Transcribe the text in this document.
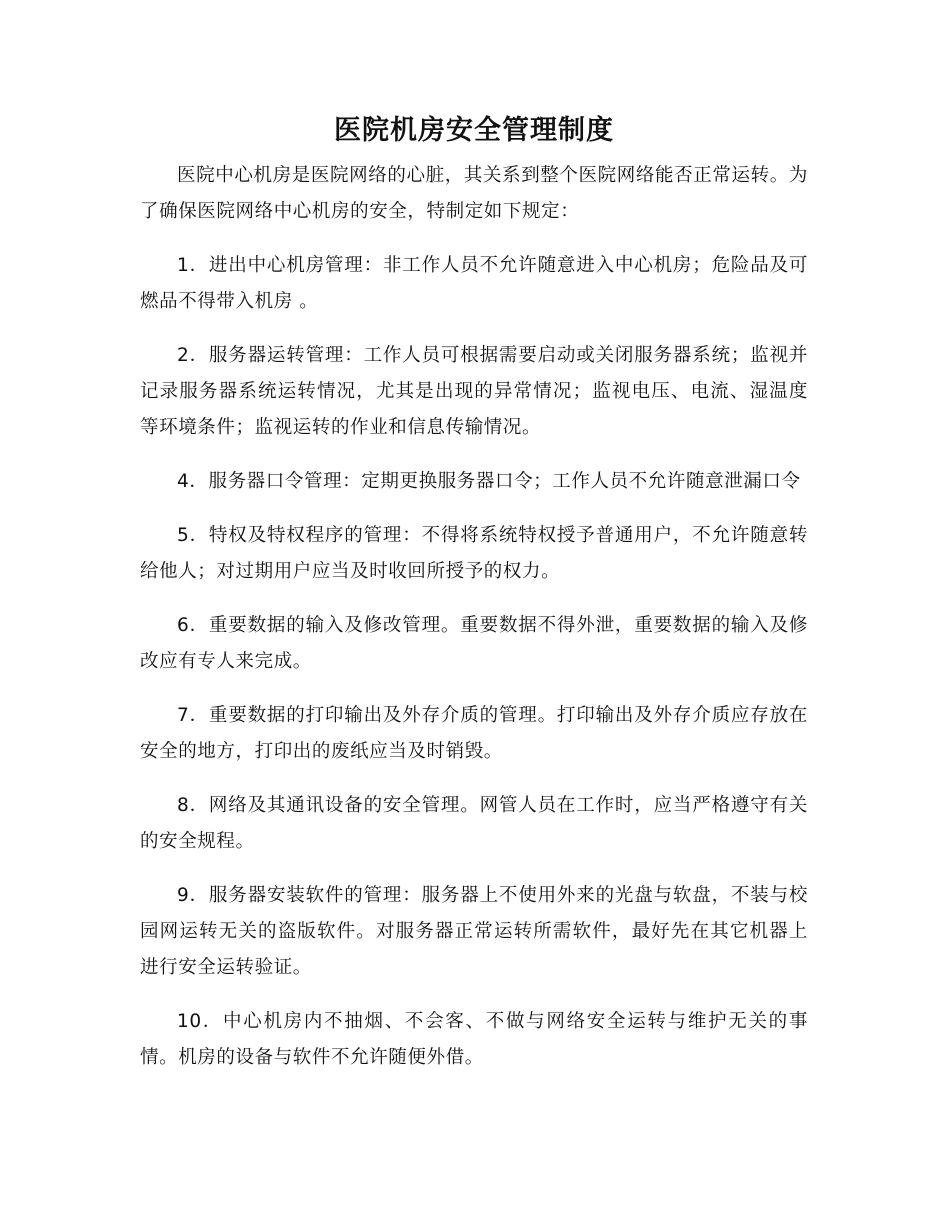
医院机房安全管理制度

医院中心机房是医院网络的心脏，其关系到整个医院网络能否正常运转。为了确保医院网络中心机房的安全，特制定如下规定：

1．进出中心机房管理：非工作人员不允许随意进入中心机房；危险品及可燃品不得带入机房 。

2．服务器运转管理：工作人员可根据需要启动或关闭服务器系统；监视并记录服务器系统运转情况，尤其是出现的异常情况；监视电压、电流、湿温度等环境条件；监视运转的作业和信息传输情况。

4．服务器口令管理：定期更换服务器口令；工作人员不允许随意泄漏口令

5．特权及特权程序的管理：不得将系统特权授予普通用户，不允许随意转给他人；对过期用户应当及时收回所授予的权力。

6．重要数据的输入及修改管理。重要数据不得外泄，重要数据的输入及修改应有专人来完成。

7．重要数据的打印输出及外存介质的管理。打印输出及外存介质应存放在安全的地方，打印出的废纸应当及时销毁。

8．网络及其通讯设备的安全管理。网管人员在工作时，应当严格遵守有关的安全规程。

9．服务器安装软件的管理：服务器上不使用外来的光盘与软盘，不装与校园网运转无关的盗版软件。对服务器正常运转所需软件，最好先在其它机器上进行安全运转验证。

10．中心机房内不抽烟、不会客、不做与网络安全运转与维护无关的事情。机房的设备与软件不允许随便外借。
